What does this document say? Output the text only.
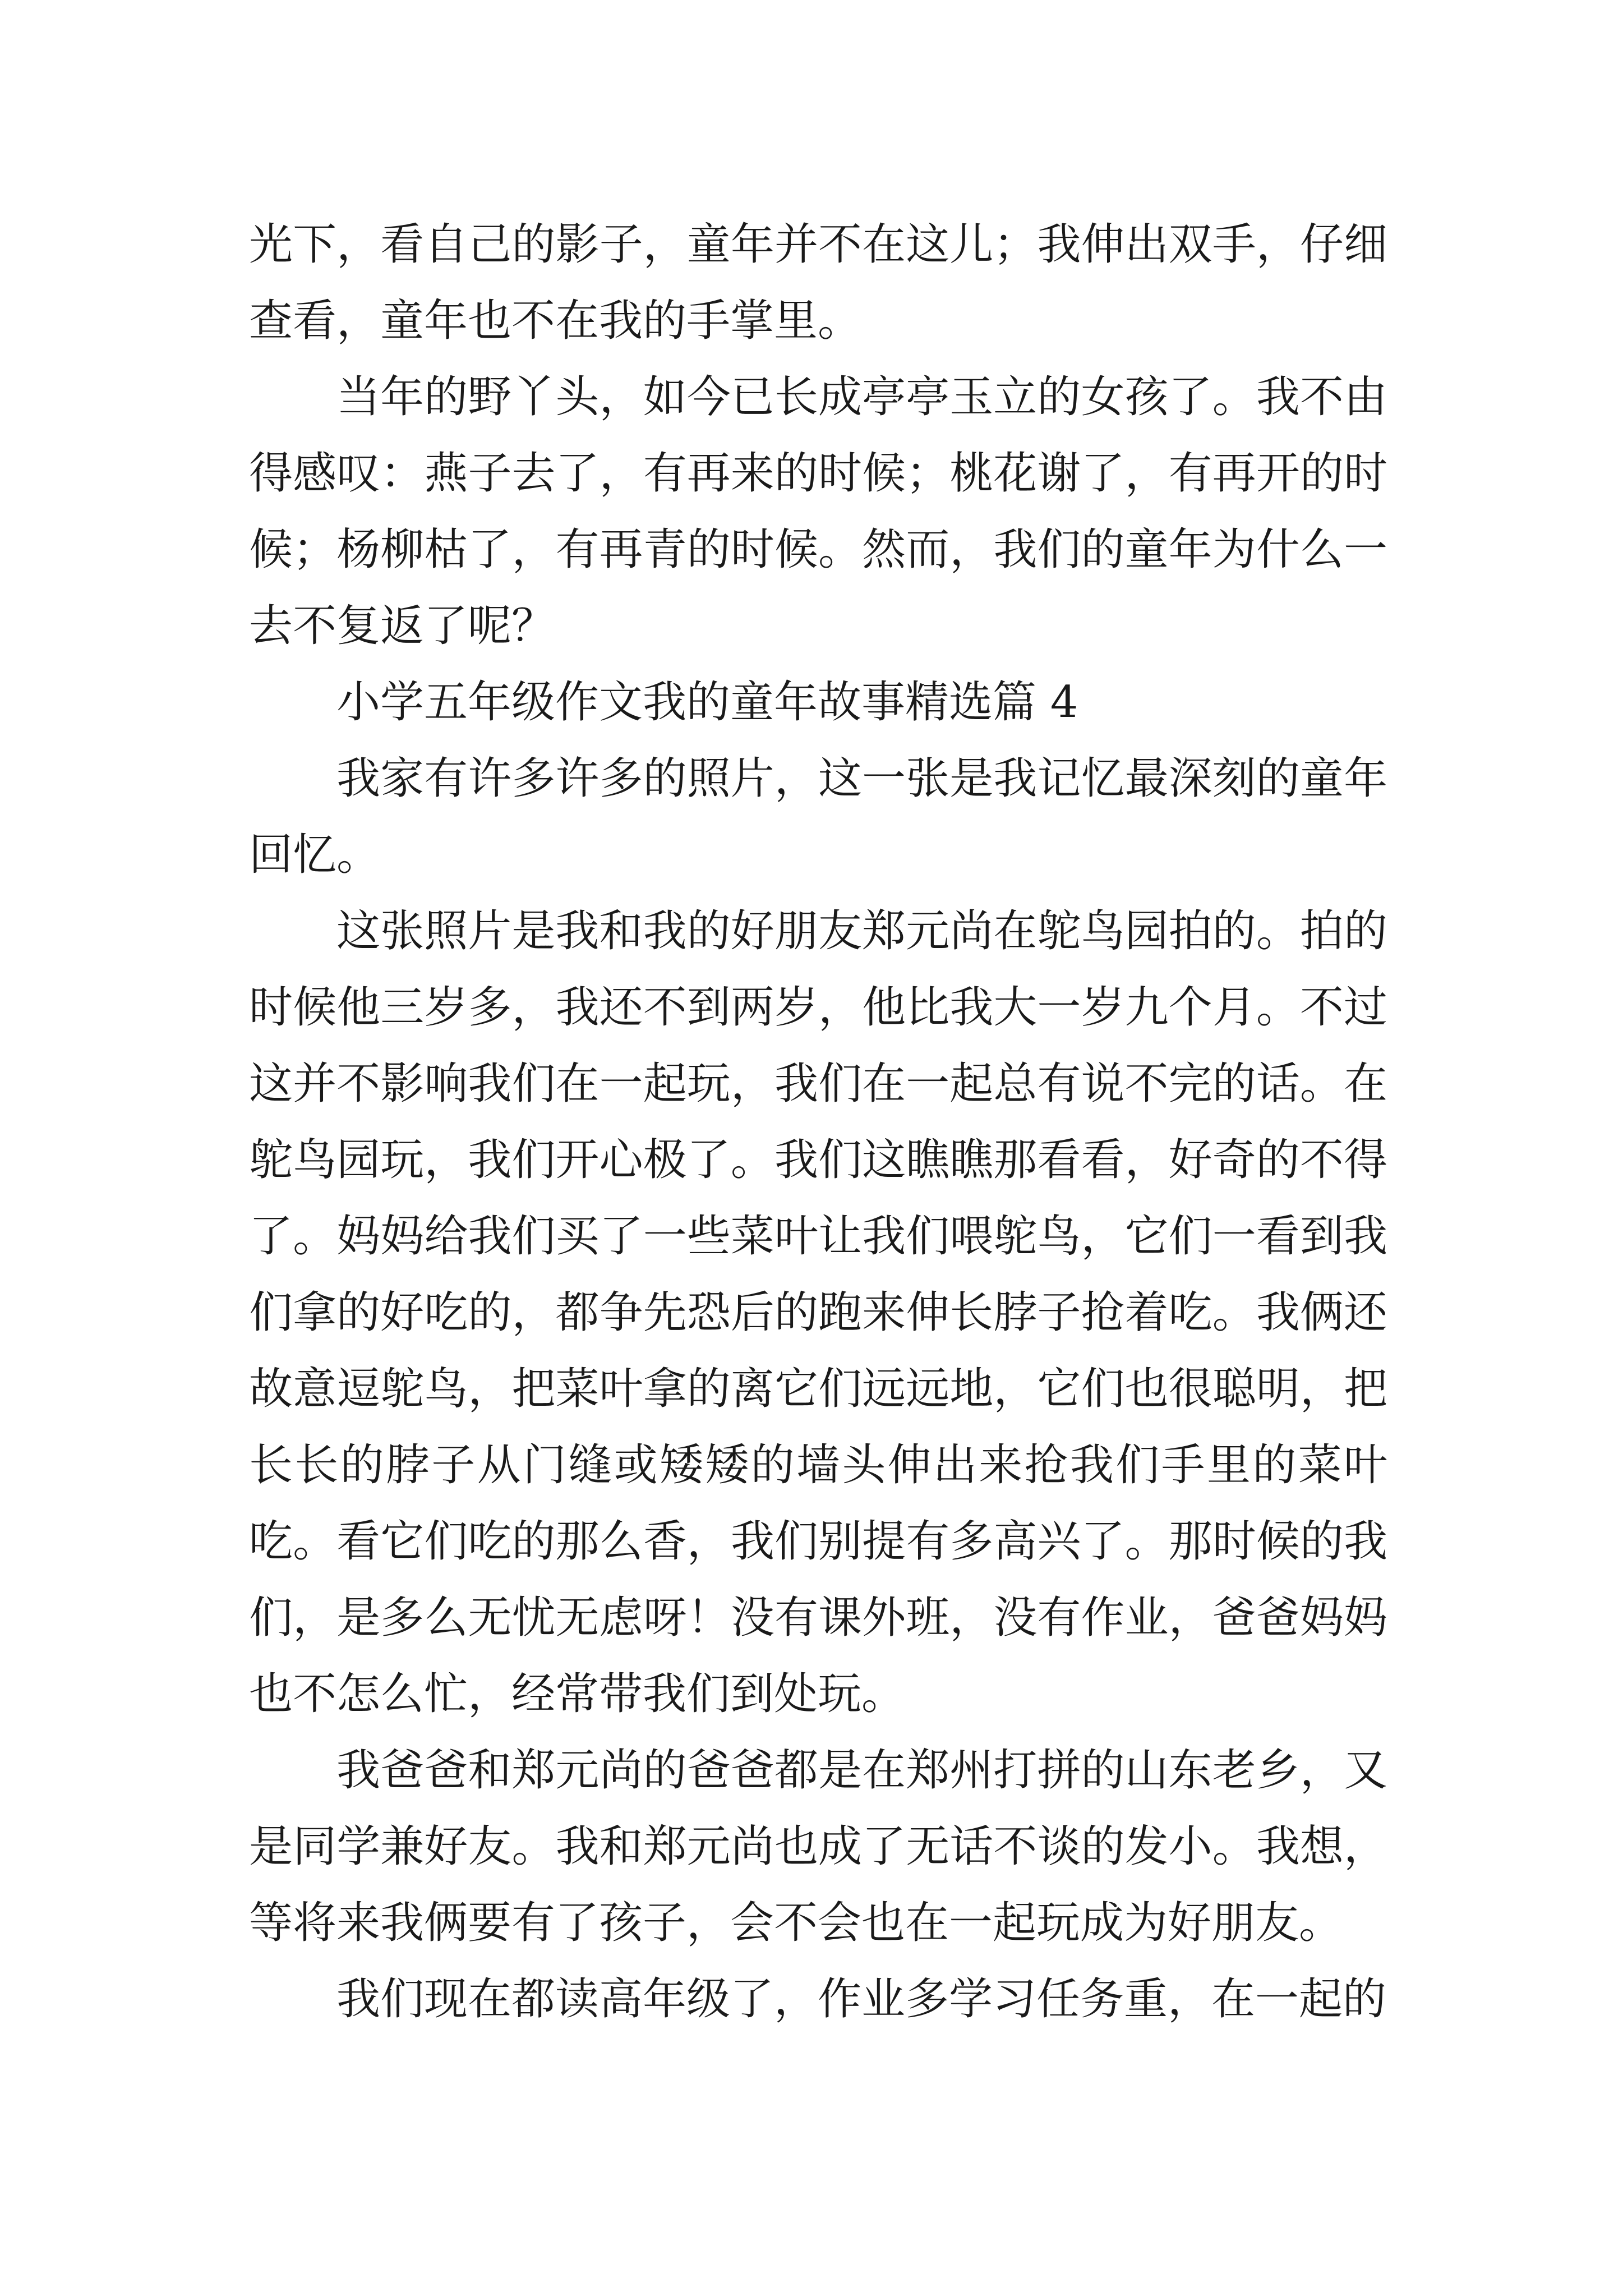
光下，看自己的影子，童年并不在这儿；我伸出双手，仔细查看，童年也不在我的手掌里。

当年的野丫头，如今已长成亭亭玉立的女孩了。我不由得感叹：燕子去了，有再来的时候；桃花谢了，有再开的时候；杨柳枯了，有再青的时候。然而，我们的童年为什么一去不复返了呢？

小学五年级作文我的童年故事精选篇 4

我家有许多许多的照片，这一张是我记忆最深刻的童年回忆。

这张照片是我和我的好朋友郑元尚在鸵鸟园拍的。拍的时候他三岁多，我还不到两岁，他比我大一岁九个月。不过这并不影响我们在一起玩，我们在一起总有说不完的话。在鸵鸟园玩，我们开心极了。我们这瞧瞧那看看，好奇的不得了。妈妈给我们买了一些菜叶让我们喂鸵鸟，它们一看到我们拿的好吃的，都争先恐后的跑来伸长脖子抢着吃。我俩还故意逗鸵鸟，把菜叶拿的离它们远远地，它们也很聪明，把长长的脖子从门缝或矮矮的墙头伸出来抢我们手里的菜叶吃。看它们吃的那么香，我们别提有多高兴了。那时候的我们，是多么无忧无虑呀！没有课外班，没有作业，爸爸妈妈也不怎么忙，经常带我们到处玩。

我爸爸和郑元尚的爸爸都是在郑州打拼的山东老乡，又是同学兼好友。我和郑元尚也成了无话不谈的发小。我想，等将来我俩要有了孩子，会不会也在一起玩成为好朋友。

我们现在都读高年级了，作业多学习任务重，在一起的
